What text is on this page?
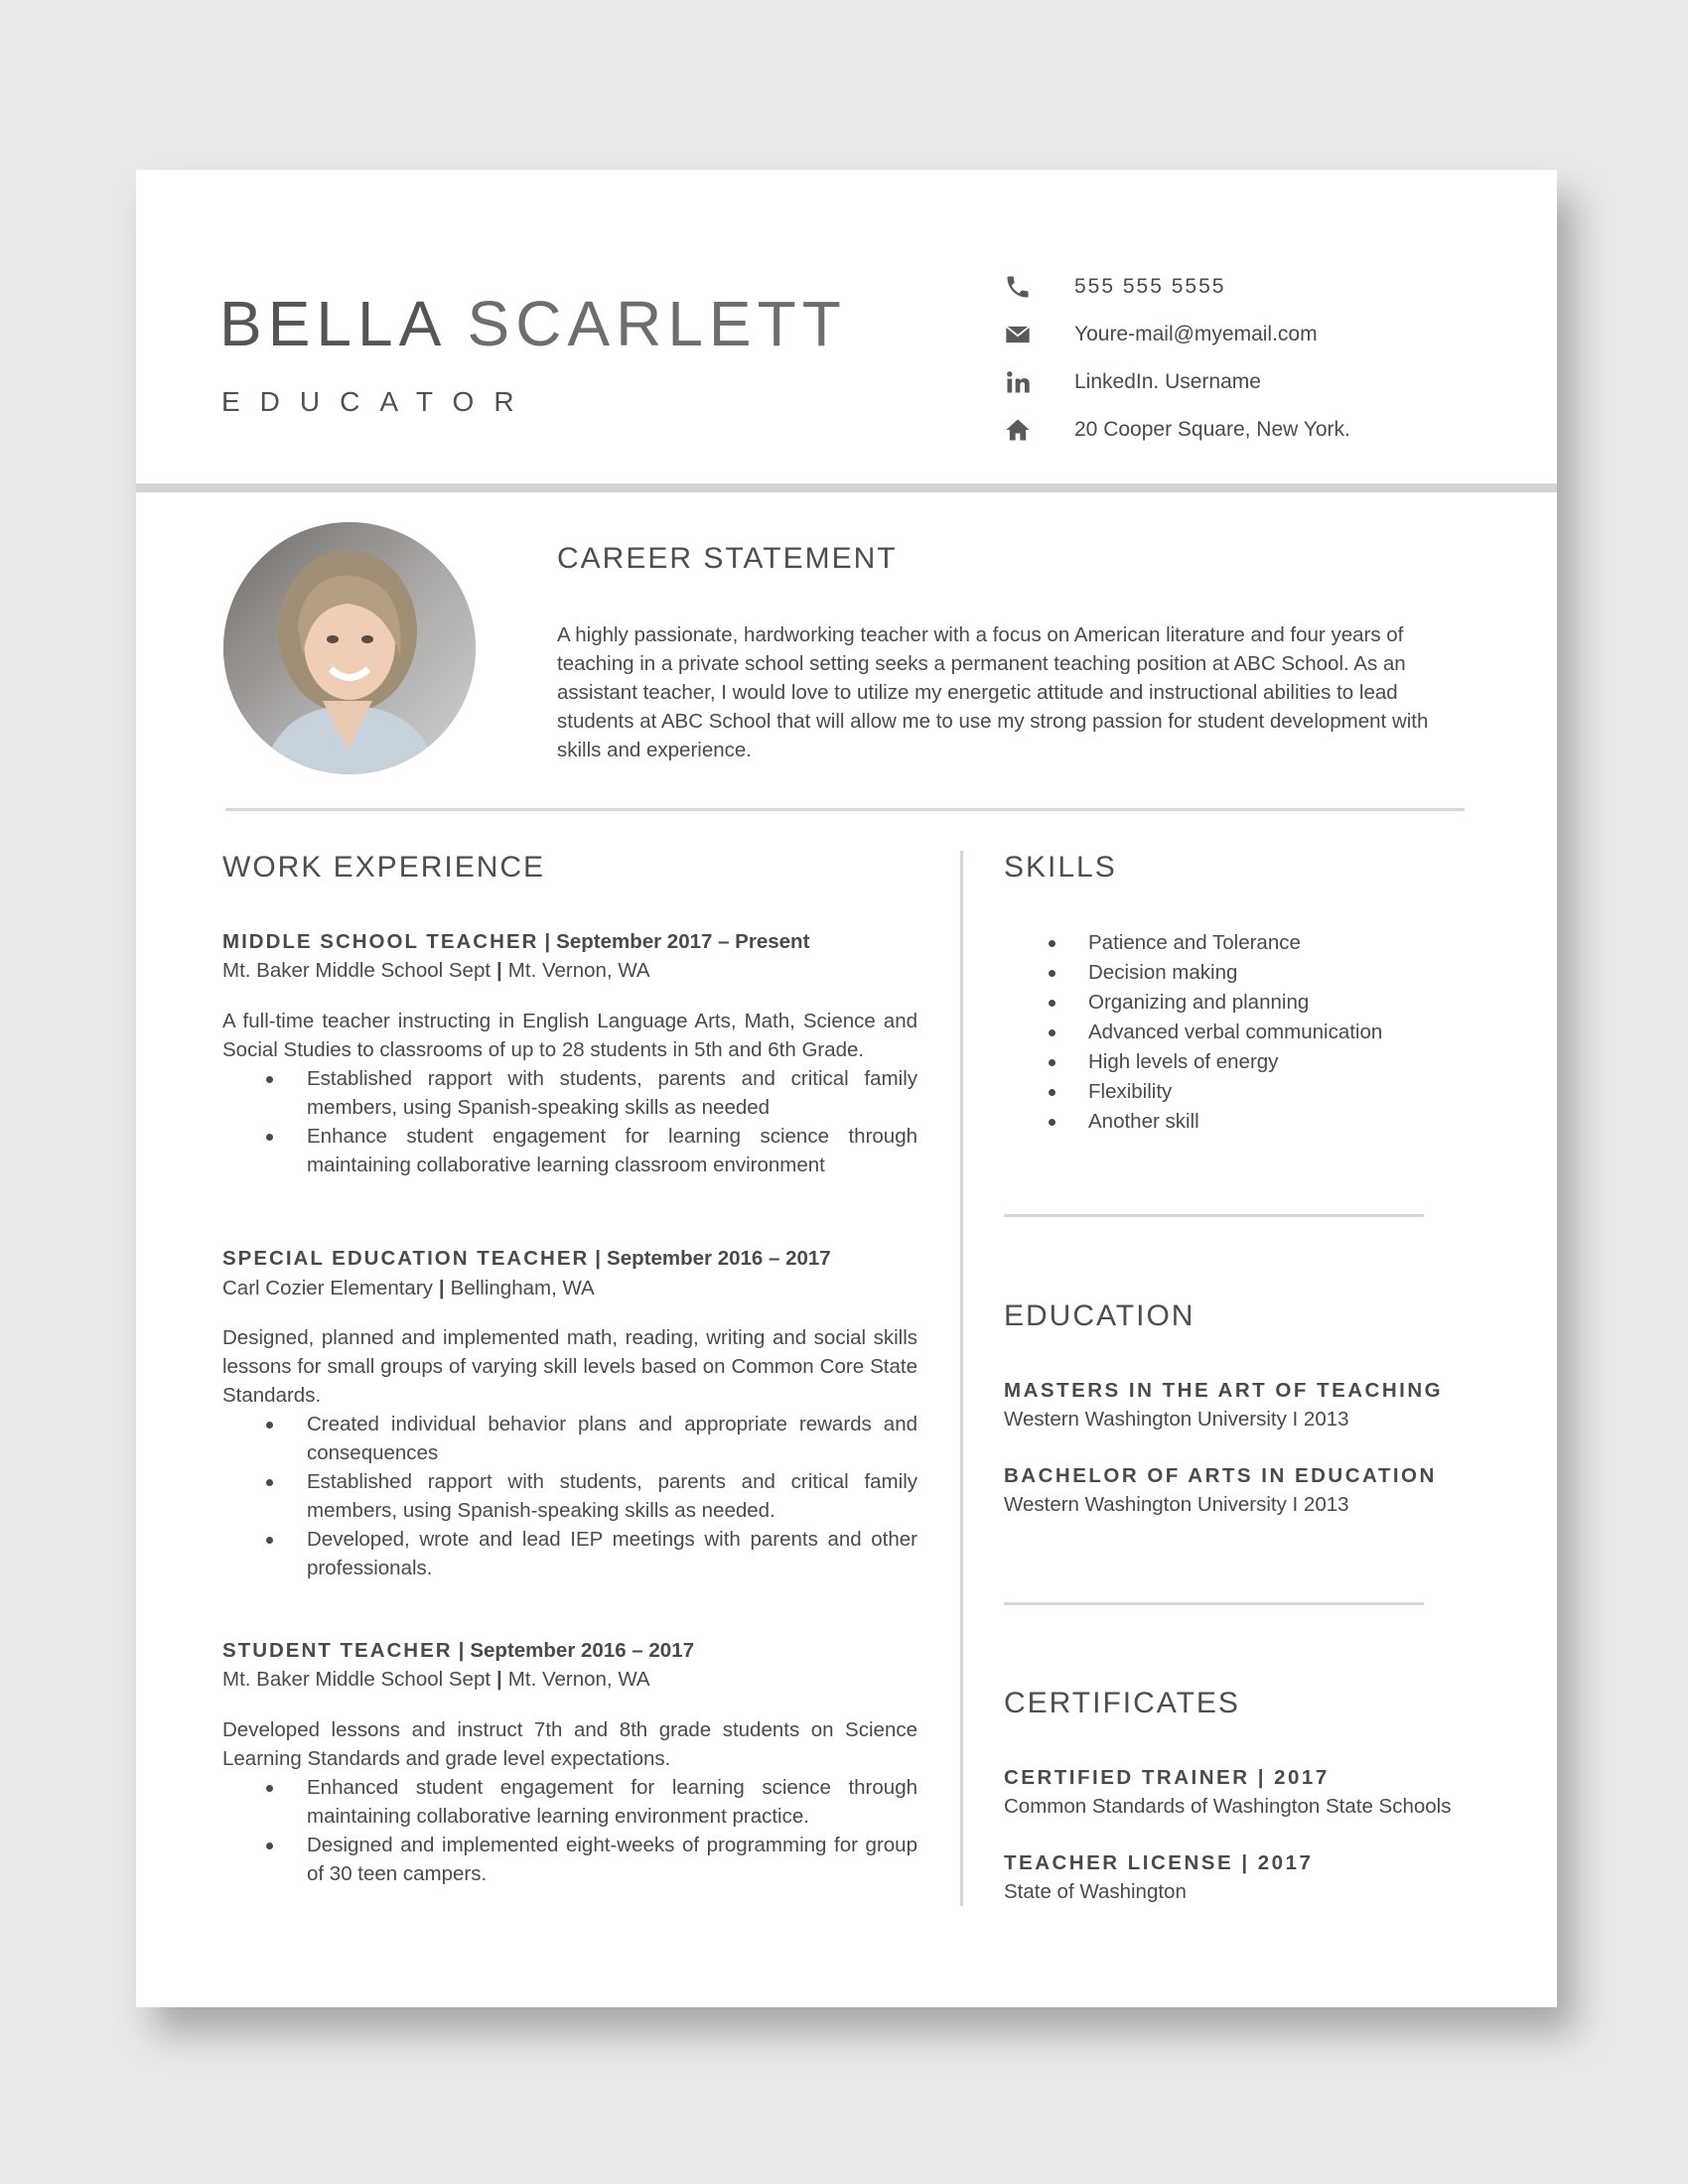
BELLA SCARLETT
EDUCATOR
555 555 5555
Youre-mail@myemail.com
LinkedIn. Username
20 Cooper Square, New York.
CAREER STATEMENT
A highly passionate, hardworking teacher with a focus on American literature and four years of teaching in a private school setting seeks a permanent teaching position at ABC School. As an assistant teacher, I would love to utilize my energetic attitude and instructional abilities to lead students at ABC School that will allow me to use my strong passion for student development with skills and experience.
WORK EXPERIENCE
MIDDLE SCHOOL TEACHER | September 2017 – Present
Mt. Baker Middle School Sept | Mt. Vernon, WA
A full-time teacher instructing in English Language Arts, Math, Science and Social Studies to classrooms of up to 28 students in 5th and 6th Grade.
Established rapport with students, parents and critical family members, using Spanish-speaking skills as needed
Enhance student engagement for learning science through maintaining collaborative learning classroom environment
SPECIAL EDUCATION TEACHER | September 2016 – 2017
Carl Cozier Elementary | Bellingham, WA
Designed, planned and implemented math, reading, writing and social skills lessons for small groups of varying skill levels based on Common Core State Standards.
Created individual behavior plans and appropriate rewards and consequences
Established rapport with students, parents and critical family members, using Spanish-speaking skills as needed.
Developed, wrote and lead IEP meetings with parents and other professionals.
STUDENT TEACHER | September 2016 – 2017
Mt. Baker Middle School Sept | Mt. Vernon, WA
Developed lessons and instruct 7th and 8th grade students on Science Learning Standards and grade level expectations.
Enhanced student engagement for learning science through maintaining collaborative learning environment practice.
Designed and implemented eight-weeks of programming for group of 30 teen campers.
SKILLS
Patience and Tolerance
Decision making
Organizing and planning
Advanced verbal communication
High levels of energy
Flexibility
Another skill
EDUCATION
MASTERS IN THE ART OF TEACHING
Western Washington University I 2013
BACHELOR OF ARTS IN EDUCATION
Western Washington University I 2013
CERTIFICATES
CERTIFIED TRAINER | 2017
Common Standards of Washington State Schools
TEACHER LICENSE | 2017
State of Washington
